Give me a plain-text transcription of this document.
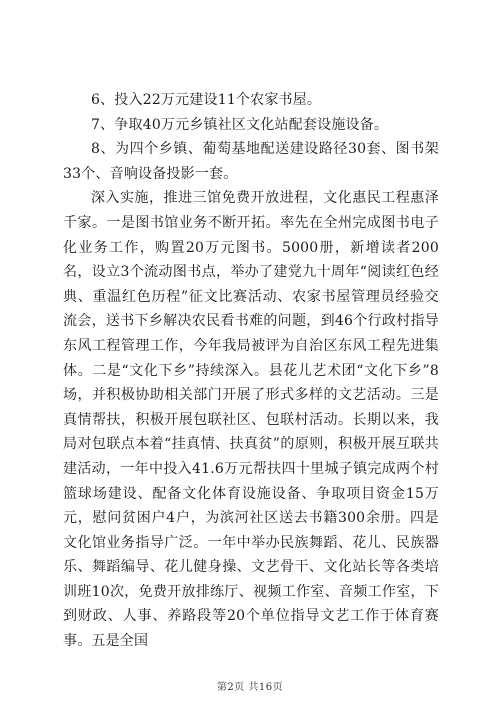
6、投入22万元建设11个农家书屋。

7、争取40万元乡镇社区文化站配套设施设备。

8、为四个乡镇、葡萄基地配送建设路径30套、图书架33个、音响设备投影一套。

深入实施，推进三馆免费开放进程，文化惠民工程惠泽千家。一是图书馆业务不断开拓。率先在全州完成图书电子化业务工作，购置20万元图书。5000册，新增读者200名，设立3个流动图书点，举办了建党九十周年“阅读红色经典、重温红色历程”征文比赛活动、农家书屋管理员经验交流会，送书下乡解决农民看书难的问题，到46个行政村指导东风工程管理工作，今年我局被评为自治区东风工程先进集体。二是“文化下乡”持续深入。县花儿艺术团“文化下乡”8场，并积极协助相关部门开展了形式多样的文艺活动。三是真情帮扶，积极开展包联社区、包联村活动。长期以来，我局对包联点本着“挂真情、扶真贫”的原则，积极开展互联共建活动，一年中投入41.6万元帮扶四十里城子镇完成两个村篮球场建设、配备文化体育设施设备、争取项目资金15万元，慰问贫困户4户，为滨河社区送去书籍300余册。四是文化馆业务指导广泛。一年中举办民族舞蹈、花儿、民族器乐、舞蹈编导、花儿健身操、文艺骨干、文化站长等各类培训班10次，免费开放排练厅、视频工作室、音频工作室，下到财政、人事、养路段等20个单位指导文艺工作于体育赛事。五是全国

第2页 共16页
